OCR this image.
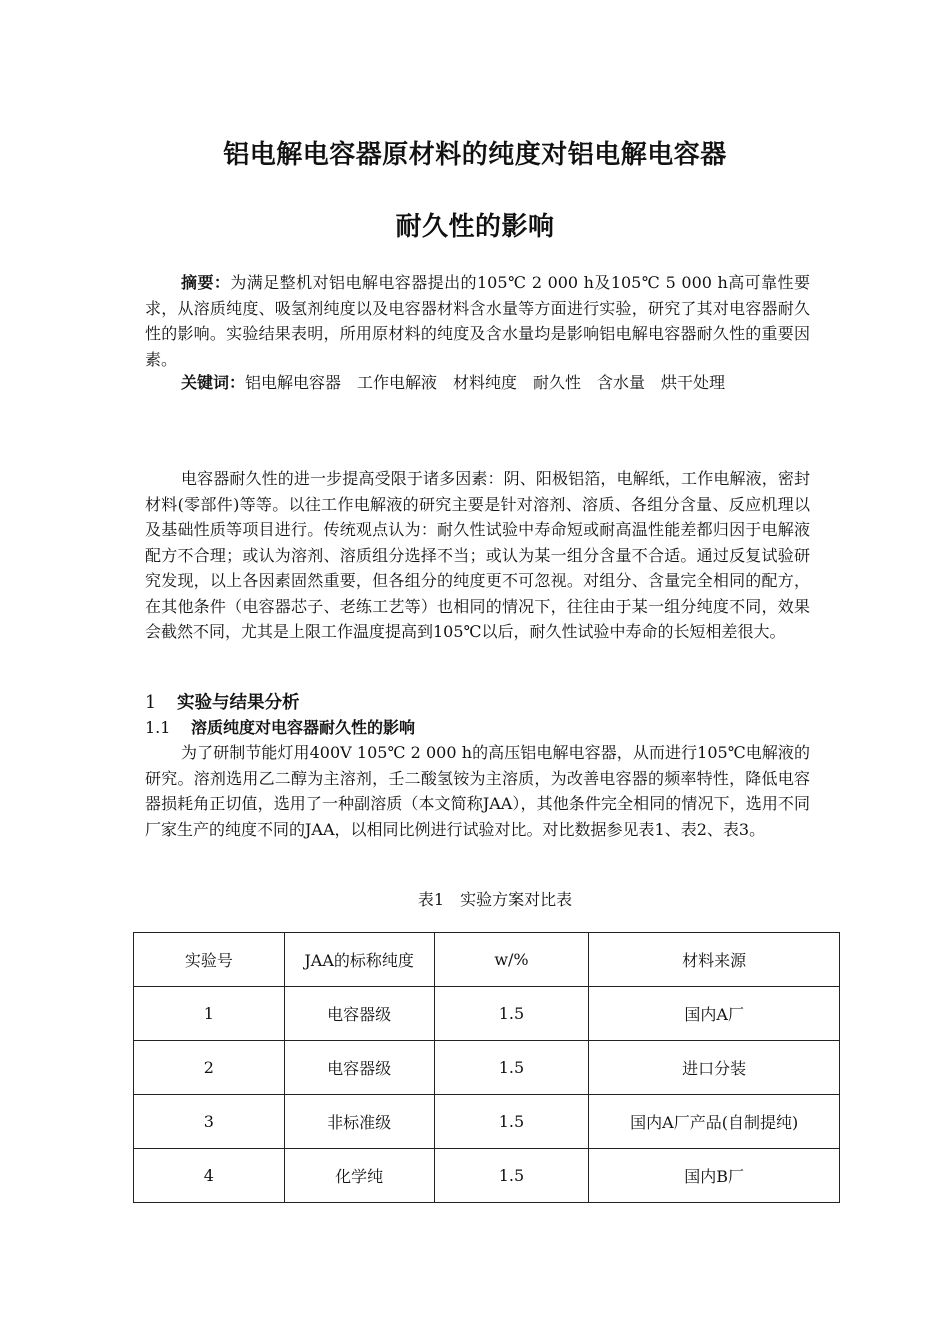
铝电解电容器原材料的纯度对铝电解电容器
耐久性的影响
摘要：为满足整机对铝电解电容器提出的105℃ 2 000 h及105℃ 5 000 h高可靠性要求，从溶质纯度、吸氢剂纯度以及电容器材料含水量等方面进行实验，研究了其对电容器耐久性的影响。实验结果表明，所用原材料的纯度及含水量均是影响铝电解电容器耐久性的重要因素。
关键词：铝电解电容器　工作电解液　材料纯度　耐久性　含水量　烘干处理
电容器耐久性的进一步提高受限于诸多因素：阴、阳极铝箔，电解纸，工作电解液，密封材料(零部件)等等。以往工作电解液的研究主要是针对溶剂、溶质、各组分含量、反应机理以及基础性质等项目进行。传统观点认为：耐久性试验中寿命短或耐高温性能差都归因于电解液配方不合理；或认为溶剂、溶质组分选择不当；或认为某一组分含量不合适。通过反复试验研究发现，以上各因素固然重要，但各组分的纯度更不可忽视。对组分、含量完全相同的配方，在其他条件（电容器芯子、老练工艺等）也相同的情况下，往往由于某一组分纯度不同，效果会截然不同，尤其是上限工作温度提高到105℃以后，耐久性试验中寿命的长短相差很大。
1 实验与结果分析
1.1 溶质纯度对电容器耐久性的影响
为了研制节能灯用400V 105℃ 2 000 h的高压铝电解电容器，从而进行105℃电解液的研究。溶剂选用乙二醇为主溶剂，壬二酸氢铵为主溶质，为改善电容器的频率特性，降低电容器损耗角正切值，选用了一种副溶质（本文简称JAA），其他条件完全相同的情况下，选用不同厂家生产的纯度不同的JAA，以相同比例进行试验对比。对比数据参见表1、表2、表3。
表1　实验方案对比表
实验号	JAA的标称纯度	w/%	材料来源
1	电容器级	1.5	国内A厂
2	电容器级	1.5	进口分装
3	非标准级	1.5	国内A厂产品(自制提纯)
4	化学纯	1.5	国内B厂
